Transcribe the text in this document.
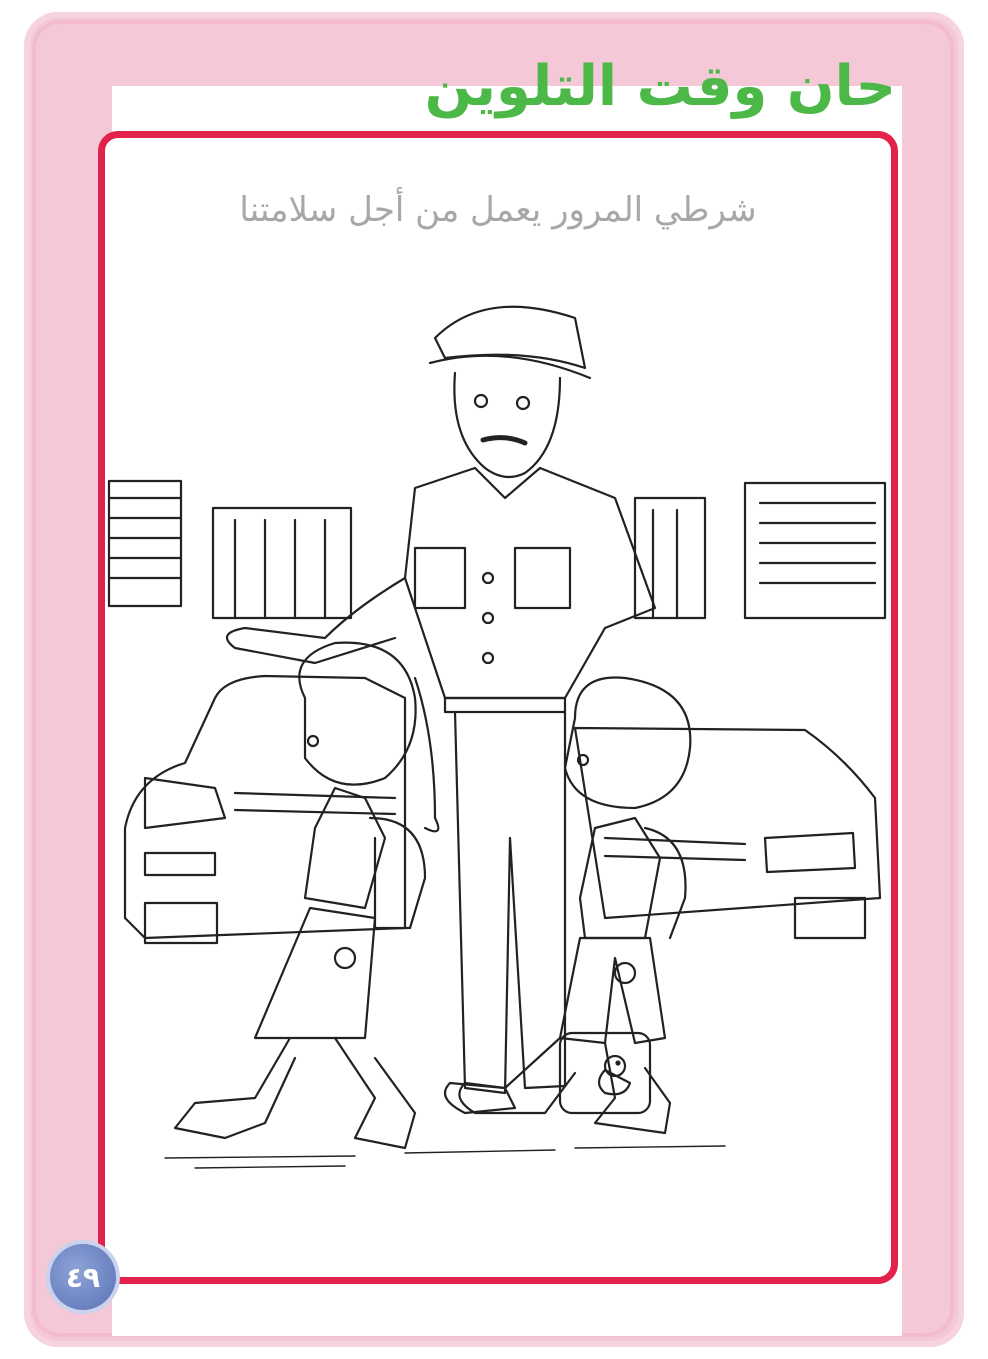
حان وقت التلوين

شرطي المرور يعمل من أجل سلامتنا

٤٩
